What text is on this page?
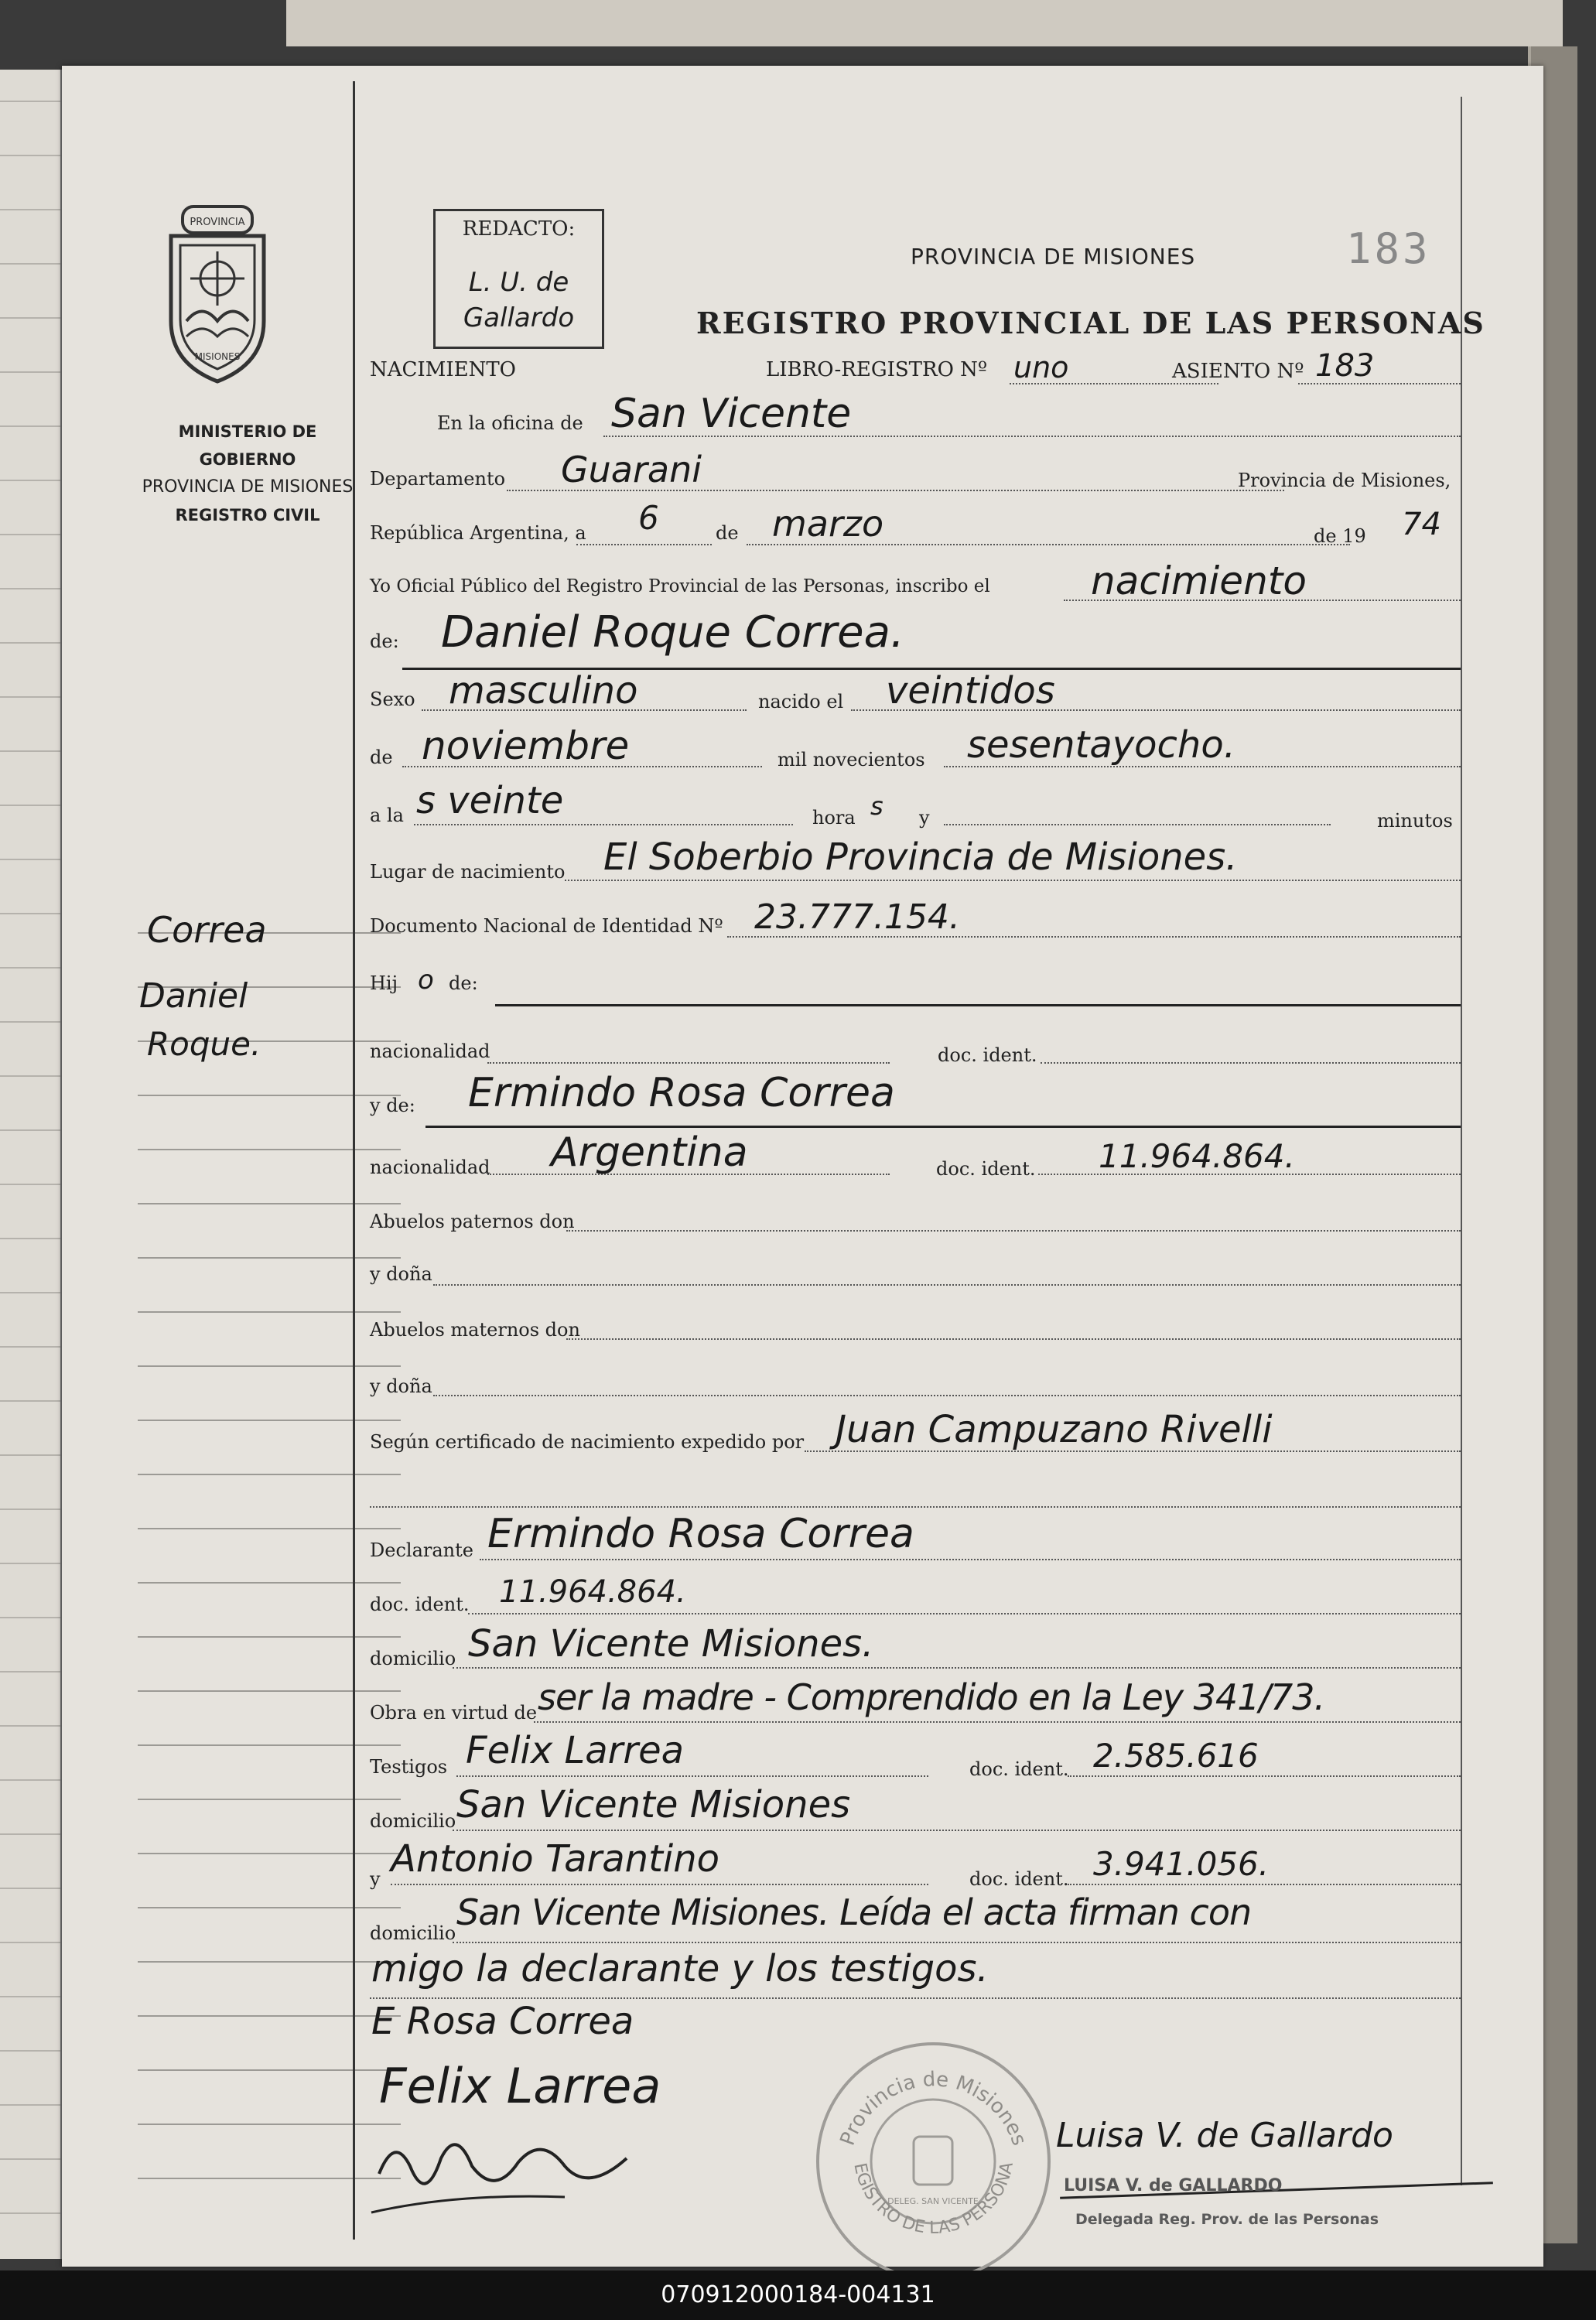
PROVINCIA
MISIONES
MINISTERIO DE GOBIERNO
PROVINCIA DE MISIONES
REGISTRO CIVIL
Correa
Daniel
Roque.
REDACTO:
L. U. de
Gallardo
183
PROVINCIA DE MISIONES
REGISTRO PROVINCIAL DE LAS PERSONAS
NACIMIENTO	LIBRO-REGISTRO Nº uno	ASIENTO Nº 183
En la oficina de San Vicente
Departamento Guarani	Provincia de Misiones,
República Argentina, a 6	de marzo	de 19 74
Yo Oficial Público del Registro Provincial de las Personas, inscribo el	nacimiento
de: Daniel Roque Correa.
Sexo masculino	nacido el veintidos
de noviembre	mil novecientos sesentayocho.
a la s veinte	hora s y	minutos
Lugar de nacimiento El Soberbio Provincia de Misiones.
Documento Nacional de Identidad Nº 23.777.154.
Hij o de:
nacionalidad	doc. ident.
y de: Ermindo Rosa Correa
nacionalidad Argentina	doc. ident. 11.964.864.
Abuelos paternos don
y doña
Abuelos maternos don
y doña
Según certificado de nacimiento expedido por Juan Campuzano Rivelli
Declarante Ermindo Rosa Correa
doc. ident. 11.964.864.
domicilio San Vicente Misiones.
Obra en virtud de ser la madre - Comprendido en la Ley 341/73.
Testigos Felix Larrea	doc. ident. 2.585.616
domicilio San Vicente Misiones
y Antonio Tarantino	doc. ident. 3.941.056.
domicilio San Vicente Misiones. Leída el acta firman con
migo la declarante y los testigos.
E Rosa Correa
Felix Larrea
Luisa V. de Gallardo
Provincia de Misiones
EGISTRO DE LAS PERSONA
DELEG. SAN VICENTE
LUISA V. de GALLARDO
Delegada Reg. Prov. de las Personas
070912000184-004131
